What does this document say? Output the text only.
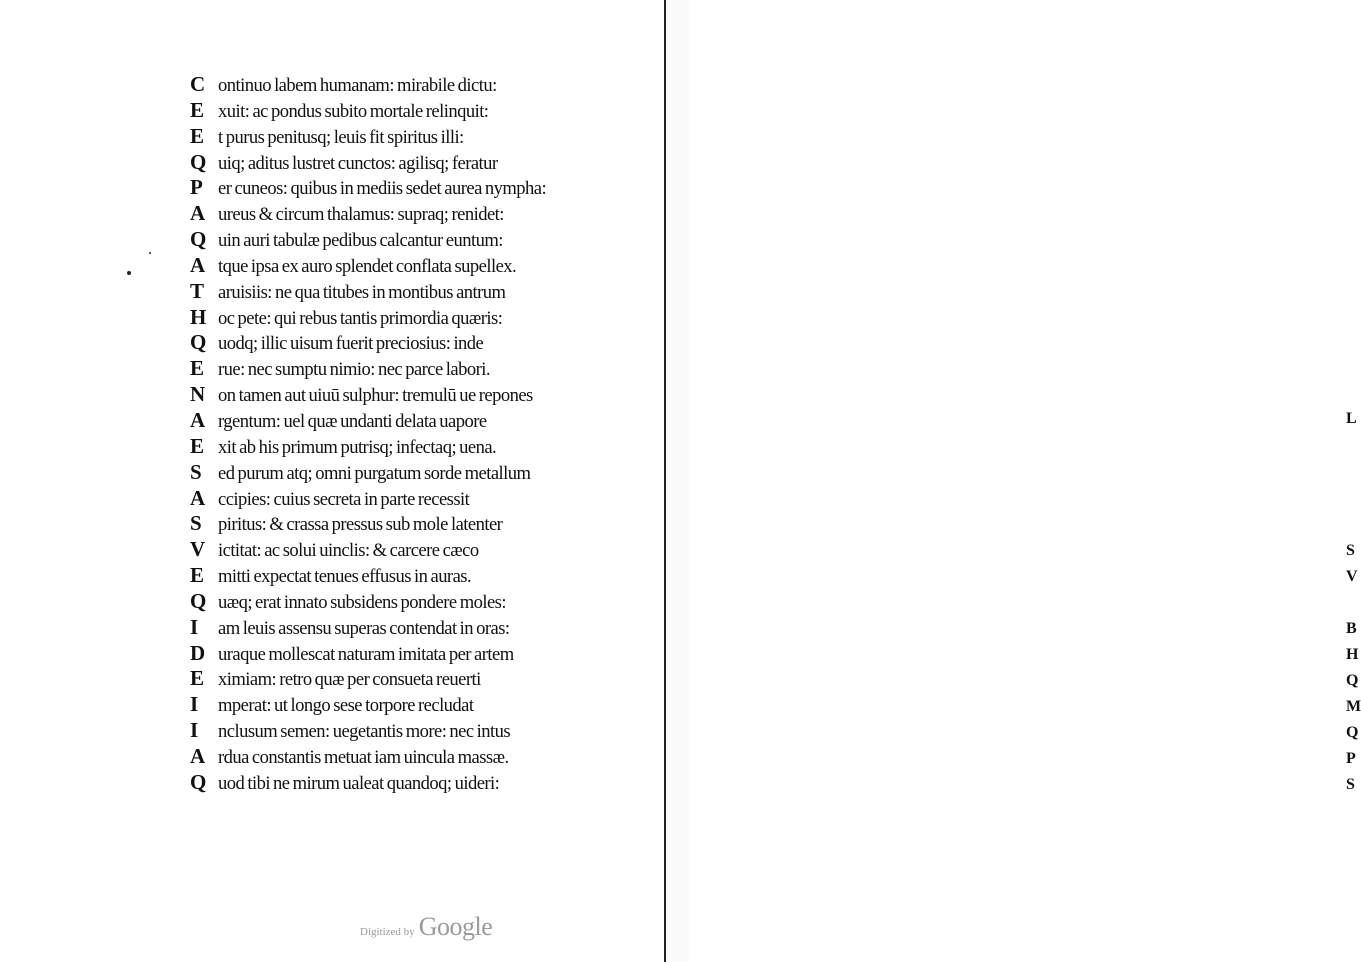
L
S
V
B
H
Q
M
Q
P
S
C ontinuo labem humanam: mirabile dictu:
E xuit: ac pondus subito mortale relinquit:
E t purus penitusq; leuis fit spiritus illi:
Q uiq; aditus lustret cunctos: agilisq; feratur
P er cuneos: quibus in mediis sedet aurea nympha:
A ureus & circum thalamus: supraq; renidet:
Q uin auri tabulæ pedibus calcantur euntum:
A tque ipsa ex auro splendet conflata supellex.
T aruisiis: ne qua titubes in montibus antrum
H oc pete: qui rebus tantis primordia quæris:
Q uodq; illic uisum fuerit preciosius: inde
E rue: nec sumptu nimio: nec parce labori.
N on tamen aut uiuū sulphur: tremulū ue repones
A rgentum: uel quæ undanti delata uapore
E xit ab his primum putrisq; infectaq; uena.
S ed purum atq; omni purgatum sorde metallum
A ccipies: cuius secreta in parte recessit
S piritus: & crassa pressus sub mole latenter
V ictitat: ac solui uinclis: & carcere cæco
E mitti expectat tenues effusus in auras.
Q uæq; erat innato subsidens pondere moles:
I am leuis assensu superas contendat in oras:
D uraque mollescat naturam imitata per artem
E ximiam: retro quæ per consueta reuerti
I mperat: ut longo sese torpore recludat
I nclusum semen: uegetantis more: nec intus
A rdua constantis metuat iam uincula massæ.
Q uod tibi ne mirum ualeat quandoq; uideri:
Digitized by Google
